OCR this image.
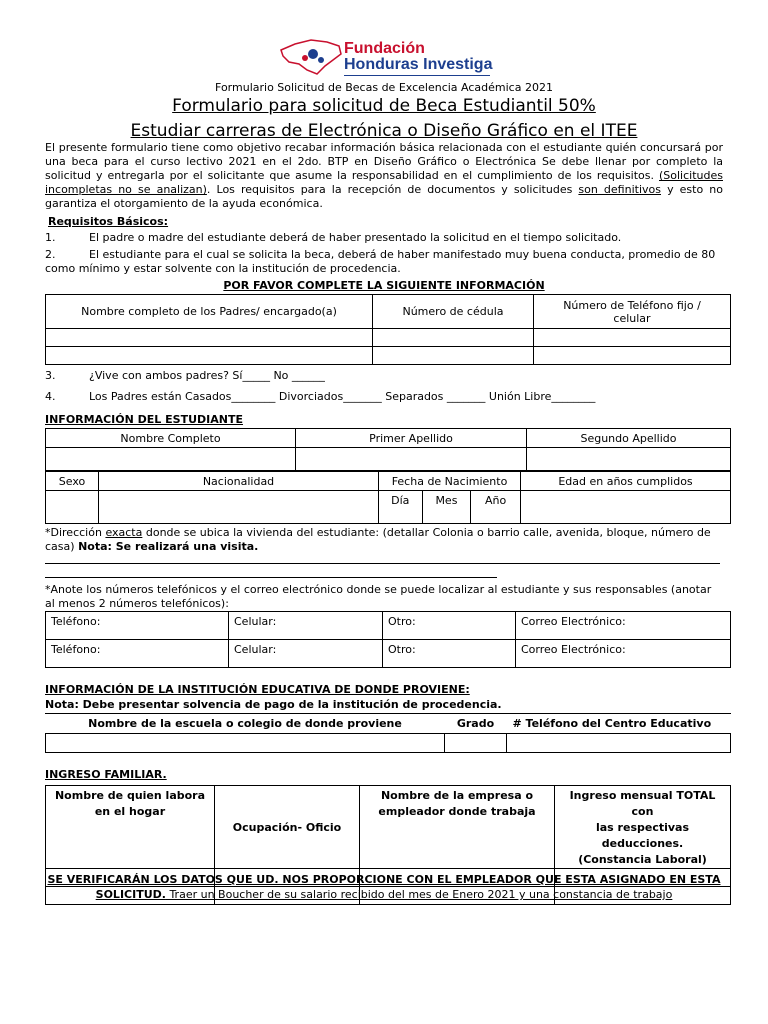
Fundación
Honduras Investiga
Formulario Solicitud de Becas de Excelencia Académica 2021
Formulario para solicitud de Beca Estudiantil 50%
Estudiar carreras de Electrónica o Diseño Gráfico en el ITEE
El presente formulario tiene como objetivo recabar información básica relacionada con el estudiante quién concursará por una beca para el curso lectivo 2021 en el 2do. BTP en Diseño Gráfico o Electrónica Se debe llenar por completo la solicitud y entregarla por el solicitante que asume la responsabilidad en el cumplimiento de los requisitos. (Solicitudes incompletas no se analizan). Los requisitos para la recepción de documentos y solicitudes son definitivos y esto no garantiza el otorgamiento de la ayuda económica.
Requisitos Básicos:
1.	El padre o madre del estudiante deberá de haber presentado la solicitud en el tiempo solicitado.
2.	El estudiante para el cual se solicita la beca, deberá de haber manifestado muy buena conducta, promedio de 80
como mínimo y estar solvente con la institución de procedencia.
POR FAVOR COMPLETE LA SIGUIENTE INFORMACIÓN
Nombre completo de los Padres/ encargado(a)	Número de cédula	Número de Teléfono fijo /
celular

3.	¿Vive con ambos padres? Sí_____ No ______
4.	Los Padres están Casados________ Divorciados_______ Separados _______ Unión Libre________
INFORMACIÓN DEL ESTUDIANTE
Nombre Completo	Primer Apellido	Segundo Apellido

Sexo	Nacionalidad	Fecha de Nacimiento			Edad en años cumplidos
		Día	Mes	Año	
*Dirección exacta donde se ubica la vivienda del estudiante: (detallar Colonia o barrio calle, avenida, bloque, número de
casa) Nota: Se realizará una visita.
*Anote los números telefónicos y el correo electrónico donde se puede localizar al estudiante y sus responsables (anotar
al menos 2 números telefónicos):
Teléfono:	Celular:	Otro:	Correo Electrónico:
Teléfono:	Celular:	Otro:	Correo Electrónico:
INFORMACIÓN DE LA INSTITUCIÓN EDUCATIVA DE DONDE PROVIENE:
Nota: Debe presentar solvencia de pago de la institución de procedencia.
Nombre de la escuela o colegio de donde proviene	Grado	# Teléfono del Centro Educativo

INGRESO FAMILIAR.
Nombre de quien labora
en el hogar	Ocupación- Oficio	Nombre de la empresa o
empleador donde trabaja	Ingreso mensual TOTAL con
las respectivas deducciones.
(Constancia Laboral)

SE VERIFICARÁN LOS DATOS QUE UD. NOS PROPORCIONE CON EL EMPLEADOR QUE ESTA ASIGNADO EN ESTA
SOLICITUD. Traer un Boucher de su salario recibido del mes de Enero 2021 y una constancia de trabajo
